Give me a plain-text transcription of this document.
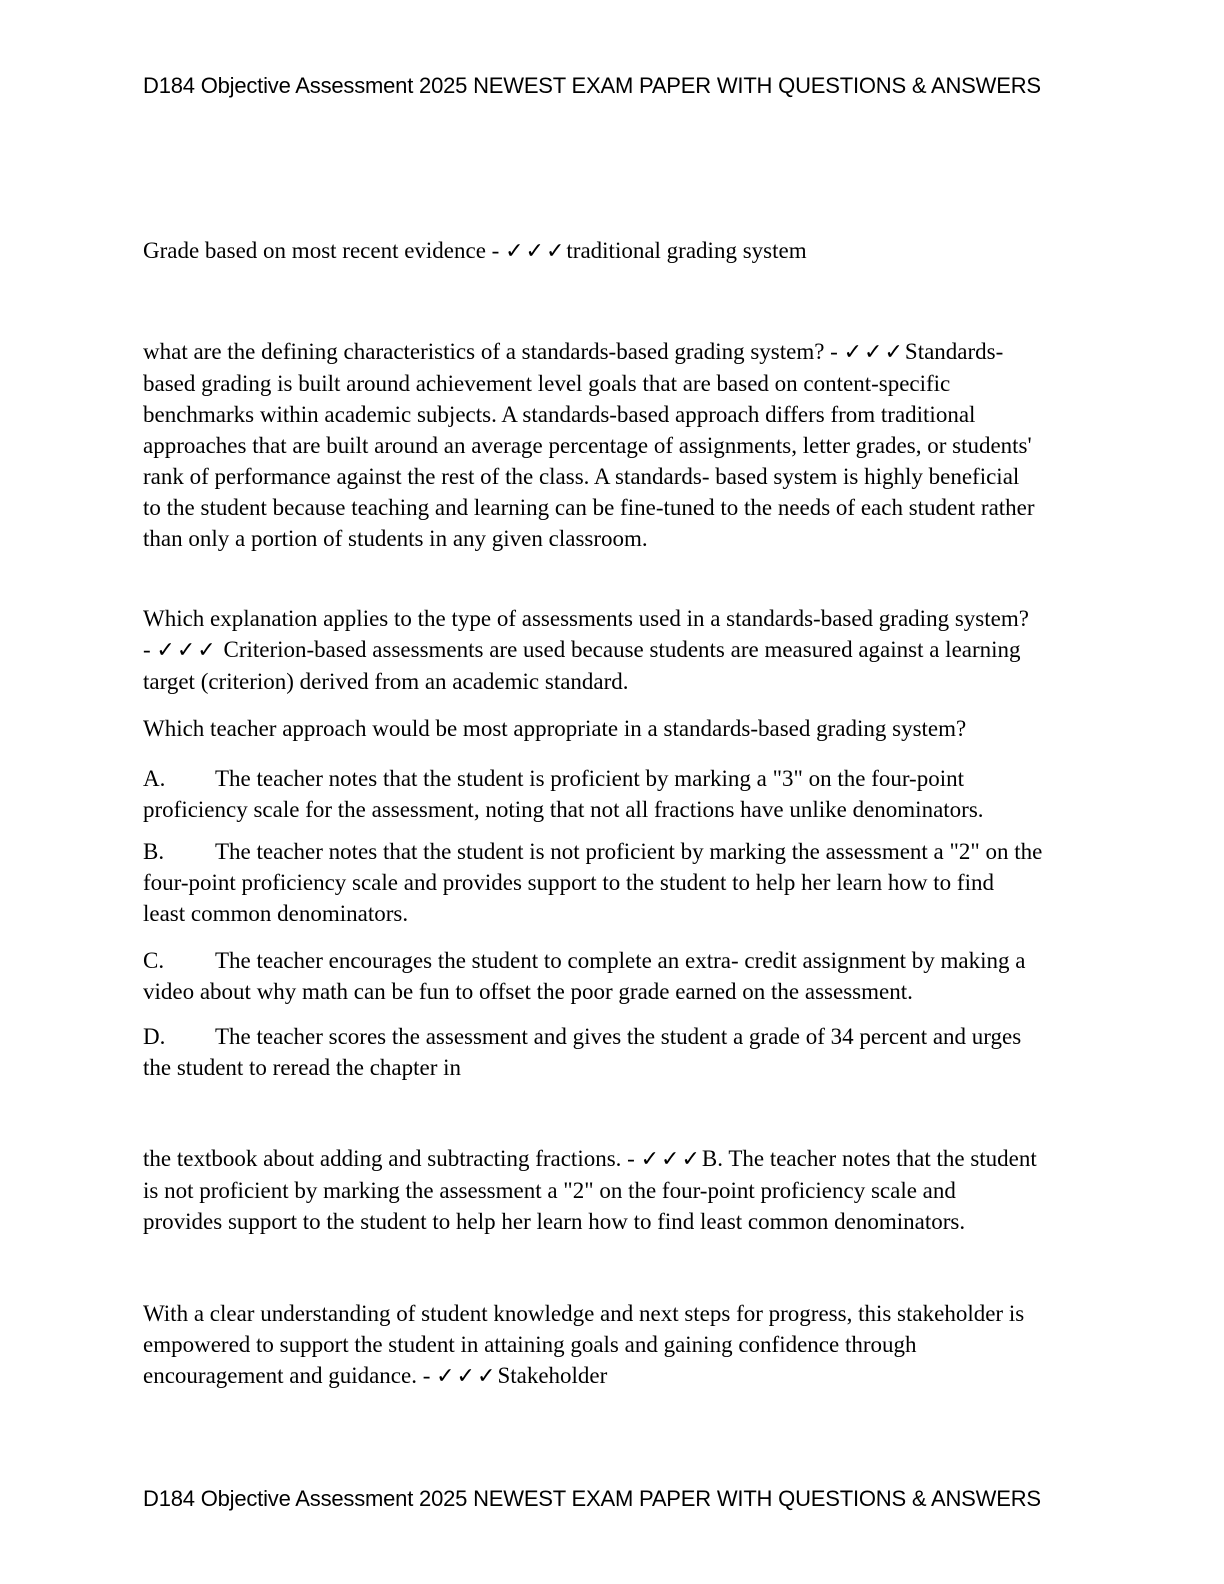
D184 Objective Assessment 2025 NEWEST EXAM PAPER WITH QUESTIONS & ANSWERS
Grade based on most recent evidence - ✓✓✓traditional grading system
what are the defining characteristics of a standards-based grading system? - ✓✓✓Standards-
based grading is built around achievement level goals that are based on content-specific
benchmarks within academic subjects. A standards-based approach differs from traditional
approaches that are built around an average percentage of assignments, letter grades, or students'
rank of performance against the rest of the class. A standards- based system is highly beneficial
to the student because teaching and learning can be fine-tuned to the needs of each student rather
than only a portion of students in any given classroom.
Which explanation applies to the type of assessments used in a standards-based grading system?
- ✓✓✓ Criterion-based assessments are used because students are measured against a learning
target (criterion) derived from an academic standard.
Which teacher approach would be most appropriate in a standards-based grading system?
A. The teacher notes that the student is proficient by marking a "3" on the four-point
proficiency scale for the assessment, noting that not all fractions have unlike denominators.
B. The teacher notes that the student is not proficient by marking the assessment a "2" on the
four-point proficiency scale and provides support to the student to help her learn how to find
least common denominators.
C. The teacher encourages the student to complete an extra- credit assignment by making a
video about why math can be fun to offset the poor grade earned on the assessment.
D. The teacher scores the assessment and gives the student a grade of 34 percent and urges
the student to reread the chapter in
the textbook about adding and subtracting fractions. - ✓✓✓B. The teacher notes that the student
is not proficient by marking the assessment a "2" on the four-point proficiency scale and
provides support to the student to help her learn how to find least common denominators.
With a clear understanding of student knowledge and next steps for progress, this stakeholder is
empowered to support the student in attaining goals and gaining confidence through
encouragement and guidance. - ✓✓✓Stakeholder
D184 Objective Assessment 2025 NEWEST EXAM PAPER WITH QUESTIONS & ANSWERS
